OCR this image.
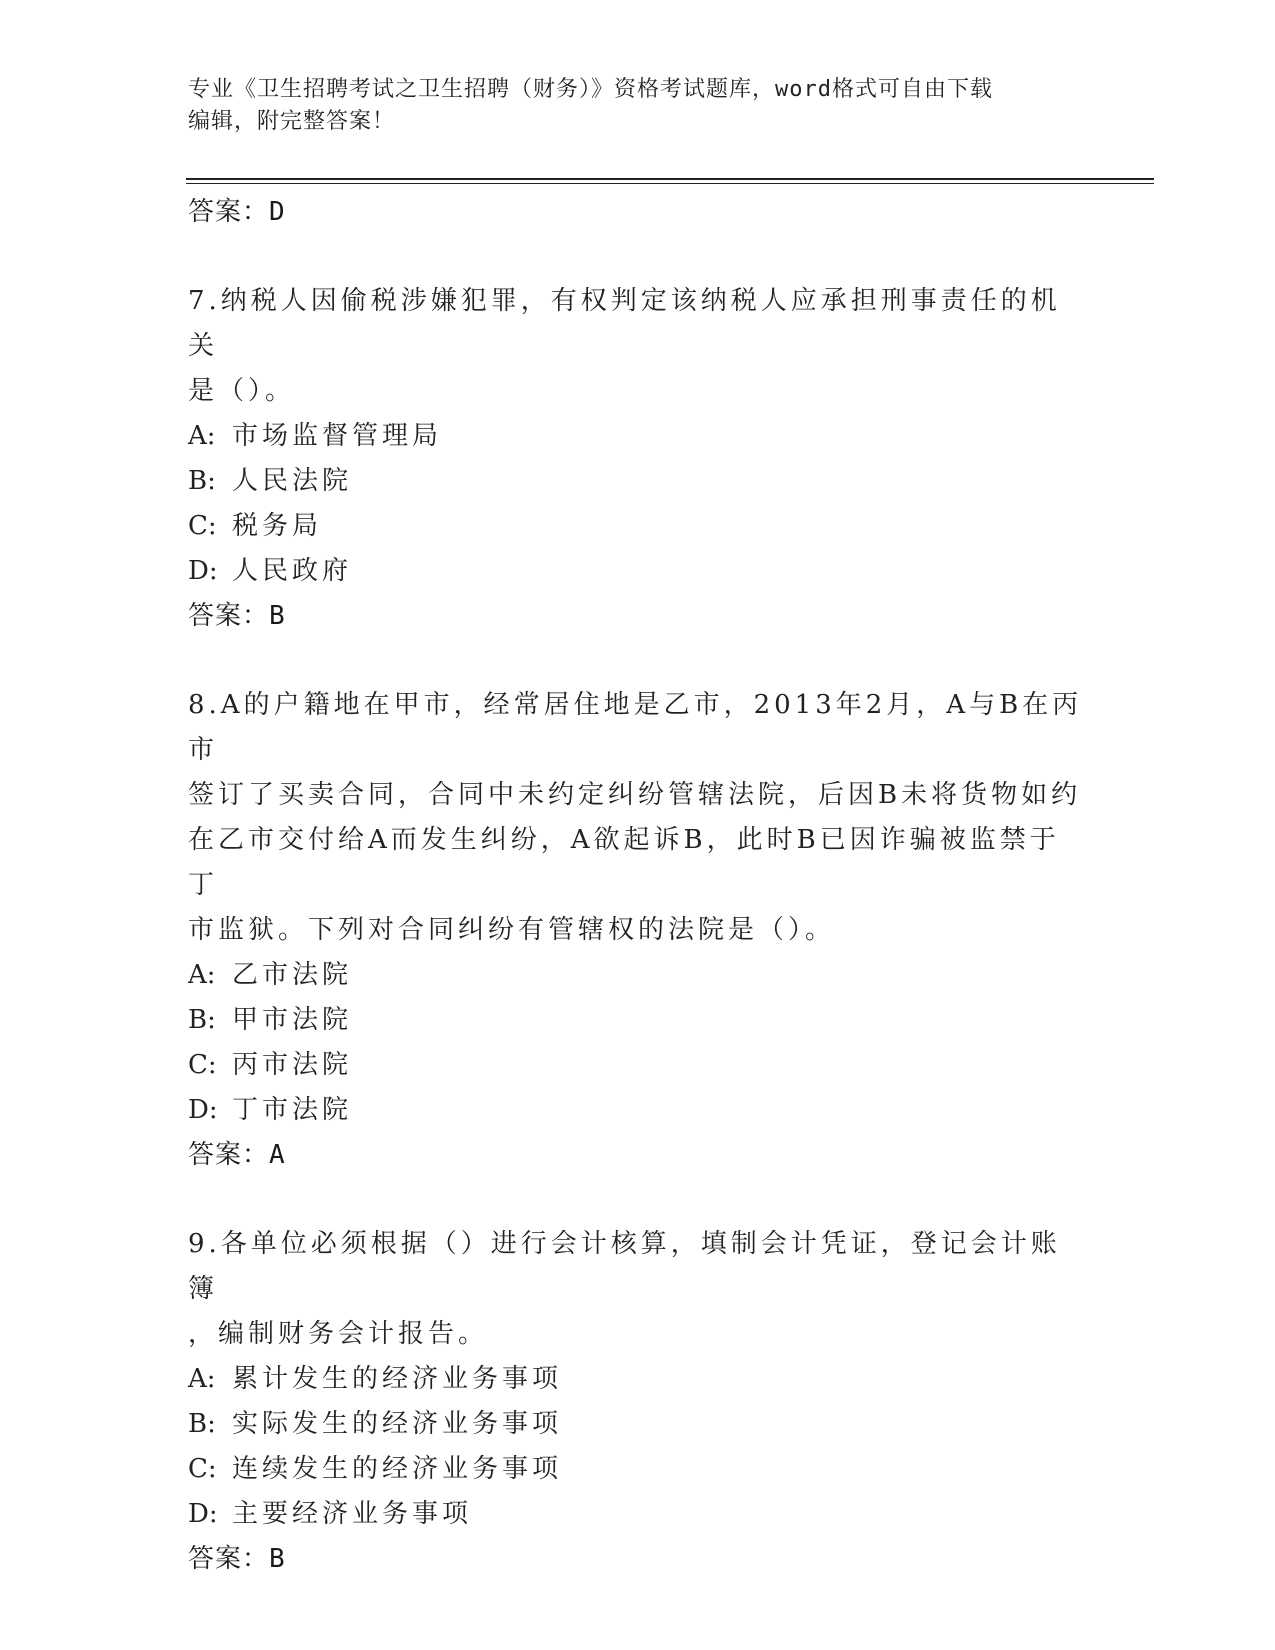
专业《卫生招聘考试之卫生招聘（财务）》资格考试题库，word格式可自由下载
编辑，附完整答案！
答案：D
7.纳税人因偷税涉嫌犯罪，有权判定该纳税人应承担刑事责任的机关
是（）。
A: 市场监督管理局
B: 人民法院
C: 税务局
D: 人民政府
答案：B
8.A的户籍地在甲市，经常居住地是乙市，2013年2月，A与B在丙市
签订了买卖合同，合同中未约定纠纷管辖法院，后因B未将货物如约
在乙市交付给A而发生纠纷，A欲起诉B，此时B已因诈骗被监禁于丁
市监狱。下列对合同纠纷有管辖权的法院是（）。
A: 乙市法院
B: 甲市法院
C: 丙市法院
D: 丁市法院
答案：A
9.各单位必须根据（）进行会计核算，填制会计凭证，登记会计账簿
，编制财务会计报告。
A: 累计发生的经济业务事项
B: 实际发生的经济业务事项
C: 连续发生的经济业务事项
D: 主要经济业务事项
答案：B
